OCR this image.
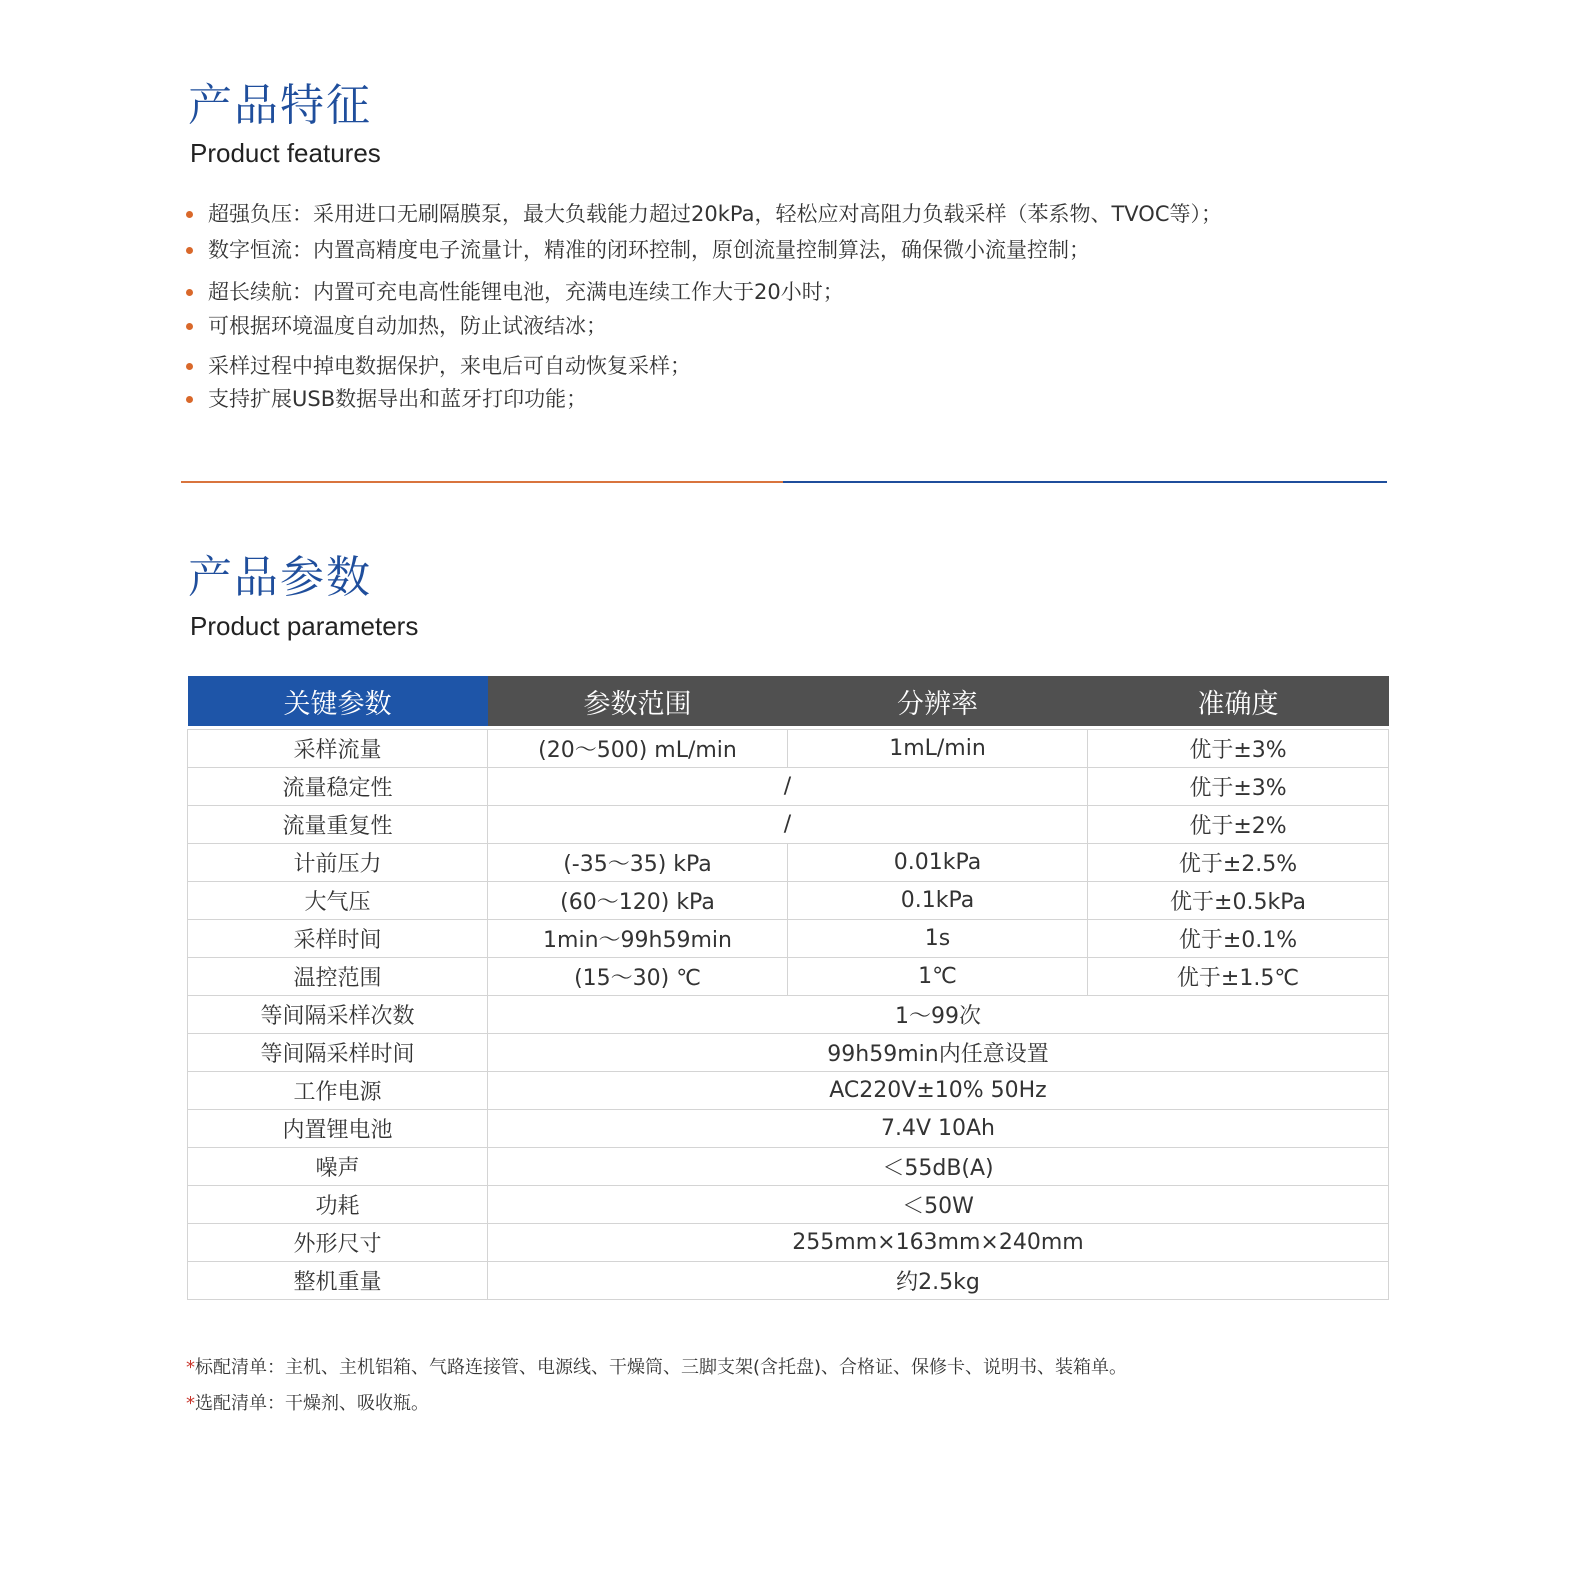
产品特征
Product features
超强负压：采用进口无刷隔膜泵，最大负载能力超过20kPa，轻松应对高阻力负载采样（苯系物、TVOC等）；
数字恒流：内置高精度电子流量计，精准的闭环控制，原创流量控制算法，确保微小流量控制；
超长续航：内置可充电高性能锂电池，充满电连续工作大于20小时；
可根据环境温度自动加热，防止试液结冰；
采样过程中掉电数据保护，来电后可自动恢复采样；
支持扩展USB数据导出和蓝牙打印功能；
产品参数
Product parameters
关键参数	参数范围	分辨率	准确度

采样流量	(20～500) mL/min	1mL/min	优于±3%
流量稳定性	/		优于±3%
流量重复性	/		优于±2%
计前压力	(-35～35) kPa	0.01kPa	优于±2.5%
大气压	(60～120) kPa	0.1kPa	优于±0.5kPa
采样时间	1min～99h59min	1s	优于±0.1%
温控范围	(15～30) ℃	1℃	优于±1.5℃
等间隔采样次数	1～99次		
等间隔采样时间	99h59min内任意设置		
工作电源	AC220V±10% 50Hz		
内置锂电池	7.4V 10Ah		
噪声	＜55dB(A)		
功耗	＜50W		
外形尺寸	255mm×163mm×240mm		
整机重量	约2.5kg		
*标配清单：主机、主机铝箱、气路连接管、电源线、干燥筒、三脚支架(含托盘)、合格证、保修卡、说明书、装箱单。
*选配清单：干燥剂、吸收瓶。
